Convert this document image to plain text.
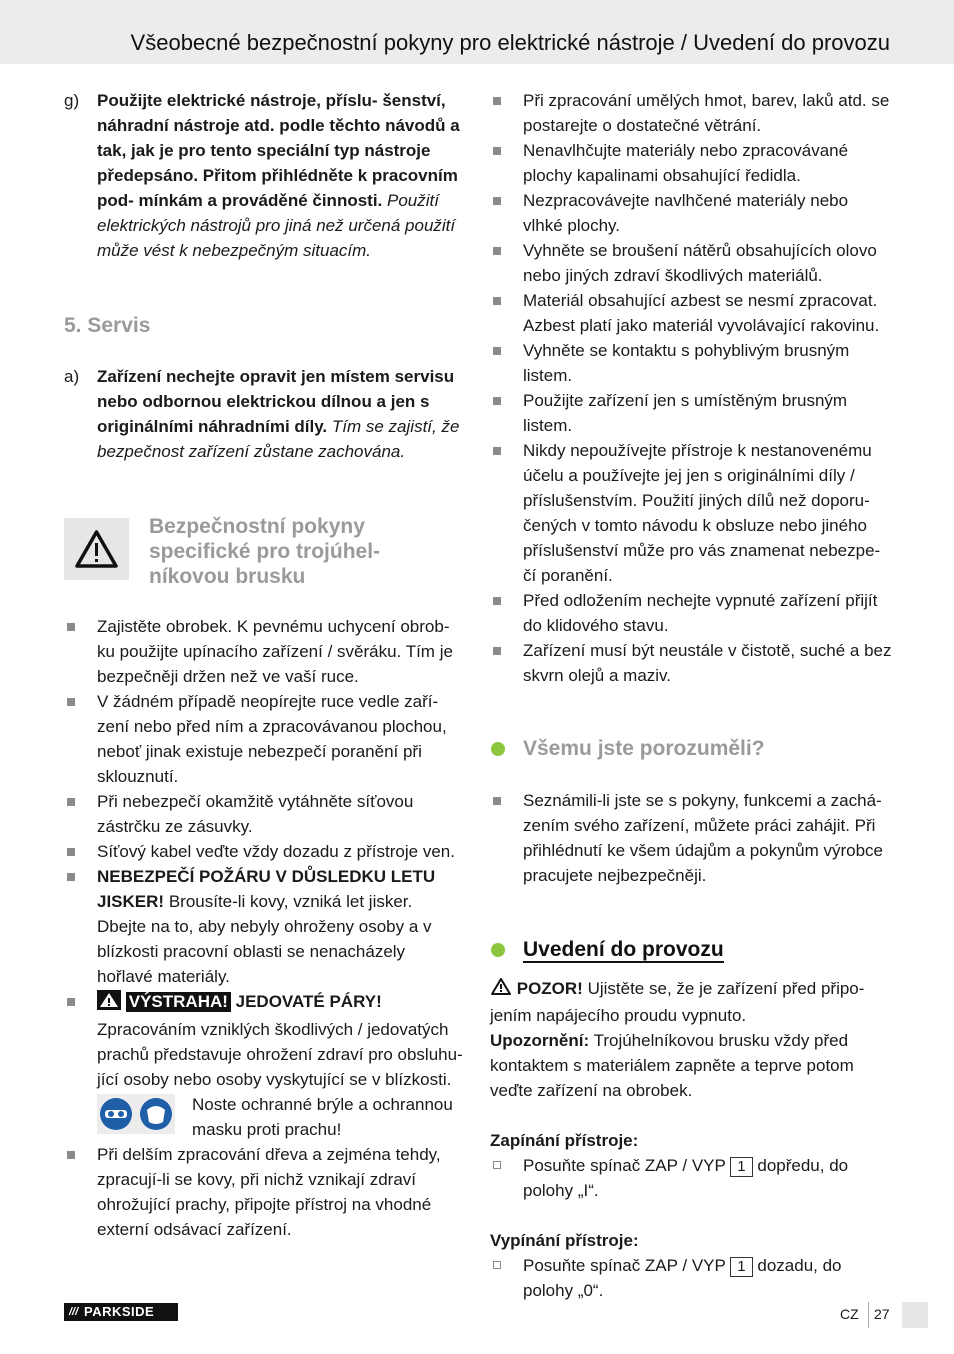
Všeobecné bezpečnostní pokyny pro elektrické nástroje / Uvedení do provozu
g) Použijte elektrické nástroje, příslu- šenství, náhradní nástroje atd. podle těchto návodů a tak, jak je pro tento speciální typ nástroje předepsáno. Přitom přihlédněte k pracovním pod- mínkám a prováděné činnosti. Použití elektrických nástrojů pro jiná než určená použití může vést k nebezpečným situacím.
5. Servis
a) Zařízení nechejte opravit jen místem servisu nebo odbornou elektrickou dílnou a jen s originálními náhradními díly. Tím se zajistí, že bezpečnost zařízení zůstane zachována.
Bezpečnostní pokyny specifické pro trojúhel- níkovou brusku
Zajistěte obrobek. K pevnému uchycení obrob- ku použijte upínacího zařízení / svěráku. Tím je bezpečněji držen než ve vaší ruce.
V žádném případě neopírejte ruce vedle zaří- zení nebo před ním a zpracovávanou plochou, neboť jinak existuje nebezpečí poranění při sklouznutí.
Při nebezpečí okamžitě vytáhněte síťovou zástrčku ze zásuvky.
Síťový kabel veďte vždy dozadu z přístroje ven.
NEBEZPEČÍ POŽÁRU V DŮSLEDKU LETU JISKER! Brousíte-li kovy, vzniká let jisker. Dbejte na to, aby nebyly ohroženy osoby a v blízkosti pracovní oblasti se nenacházely hořlavé materiály.
VÝSTRAHA! JEDOVATÉ PÁRY! Zpracováním vzniklých škodlivých / jedovatých prachů představuje ohrožení zdraví pro obsluhu- jící osoby nebo osoby vyskytující se v blízkosti.
Noste ochranné brýle a ochrannou masku proti prachu!
Při delším zpracování dřeva a zejména tehdy, zpracují-li se kovy, při nichž vznikají zdraví ohrožující prachy, připojte přístroj na vhodné externí odsávací zařízení.
Při zpracování umělých hmot, barev, laků atd. se postarejte o dostatečné větrání.
Nenavlhčujte materiály nebo zpracovávané plochy kapalinami obsahující ředidla.
Nezpracovávejte navlhčené materiály nebo vlhké plochy.
Vyhněte se broušení nátěrů obsahujících olovo nebo jiných zdraví škodlivých materiálů.
Materiál obsahující azbest se nesmí zpracovat. Azbest platí jako materiál vyvolávající rakovinu.
Vyhněte se kontaktu s pohyblivým brusným listem.
Použijte zařízení jen s umístěným brusným listem.
Nikdy nepoužívejte přístroje k nestanovenému účelu a používejte jej jen s originálními díly / příslušenstvím. Použití jiných dílů než doporu- čených v tomto návodu k obsluze nebo jiného příslušenství může pro vás znamenat nebezpe- čí poranění.
Před odložením nechejte vypnuté zařízení přijít do klidového stavu.
Zařízení musí být neustále v čistotě, suché a bez skvrn olejů a maziv.
Všemu jste porozuměli?
Seznámili-li jste se s pokyny, funkcemi a zachá- zením svého zařízení, můžete práci zahájit. Při přihlédnutí ke všem údajům a pokynům výrobce pracujete nejbezpečněji.
Uvedení do provozu
POZOR! Ujistěte se, že je zařízení před připo- jením napájecího proudu vypnuto.
Upozornění: Trojúhelníkovou brusku vždy před kontaktem s materiálem zapněte a teprve potom veďte zařízení na obrobek.
Zapínání přístroje:
Posuňte spínač ZAP / VYP 1 dopředu, do polohy „I“.
Vypínání přístroje:
Posuňte spínač ZAP / VYP 1 dozadu, do polohy „0“.
/// PARKSIDE	CZ 27
